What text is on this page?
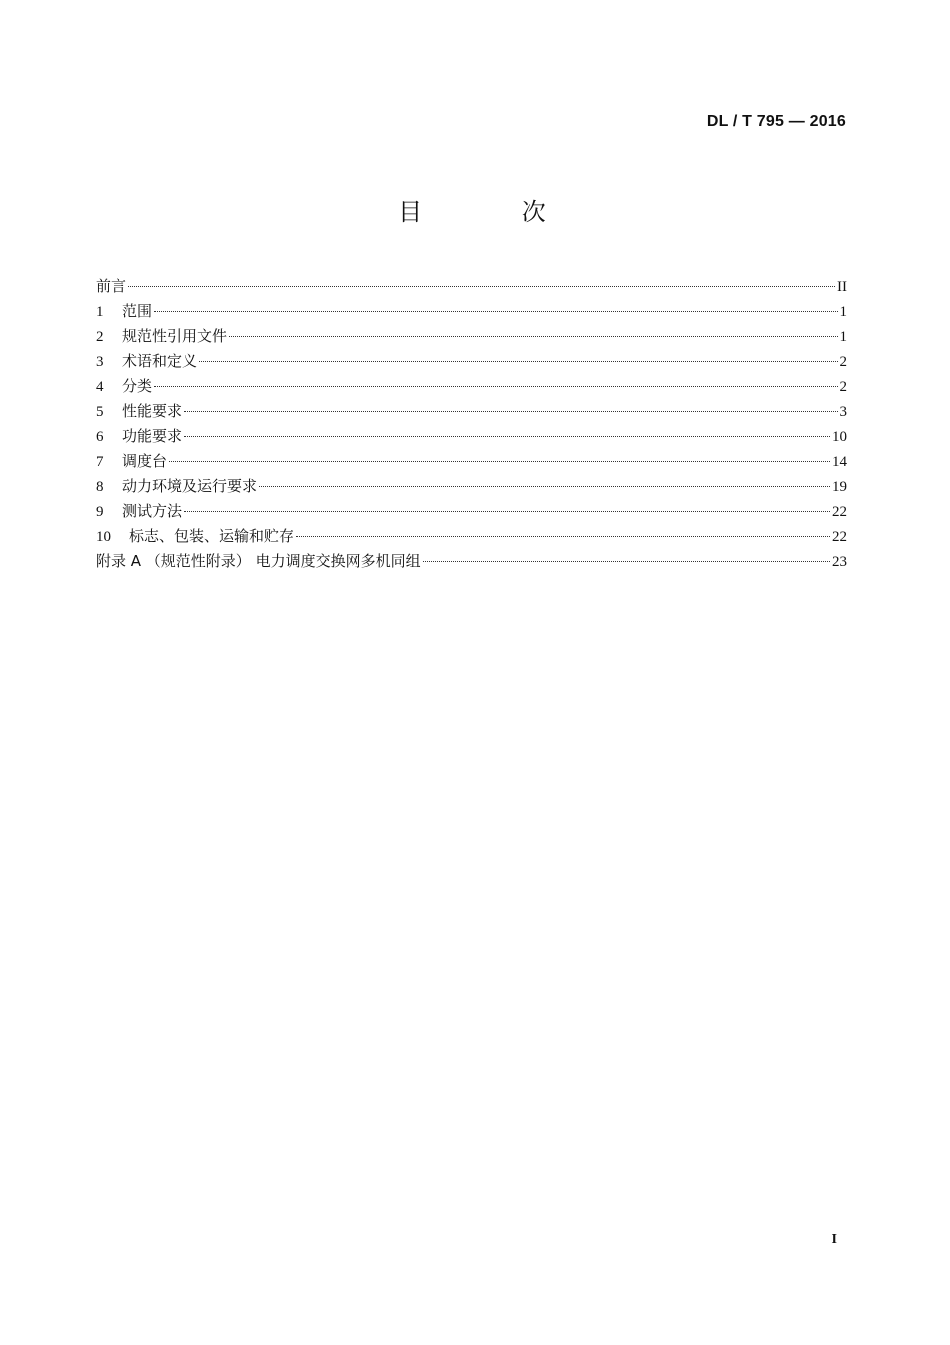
DL / T 795 — 2016
目 次
前言	II
1	范围	1
2	规范性引用文件	1
3	术语和定义	2
4	分类	2
5	性能要求	3
6	功能要求	10
7	调度台	14
8	动力环境及运行要求	19
9	测试方法	22
10	标志、包装、运输和贮存	22
附录 A （规范性附录） 电力调度交换网多机同组	23
I
